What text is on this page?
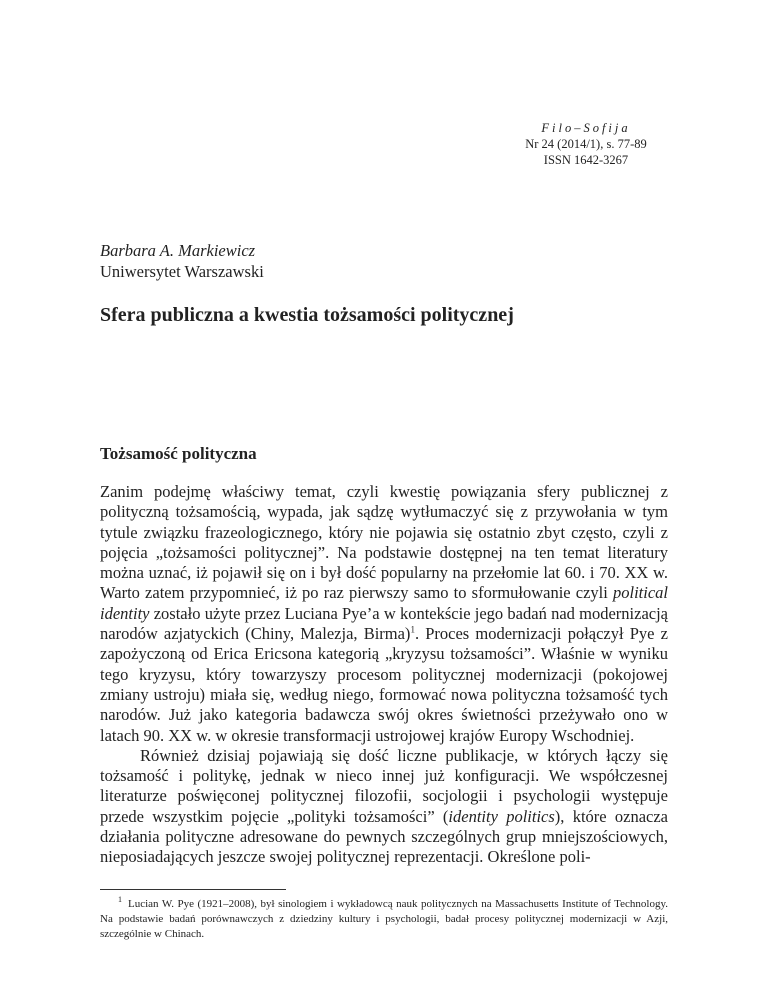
Filo–Sofija
Nr 24 (2014/1), s. 77-89
ISSN 1642-3267
Barbara A. Markiewicz
Uniwersytet Warszawski
Sfera publiczna a kwestia tożsamości politycznej
Tożsamość polityczna

Zanim podejmę właściwy temat, czyli kwestię powiązania sfery publicznej z polityczną tożsamością, wypada, jak sądzę wytłumaczyć się z przywołania w tym tytule związku frazeologicznego, który nie pojawia się ostatnio zbyt często, czyli z pojęcia „tożsamości politycznej”. Na podstawie dostępnej na ten temat literatury można uznać, iż pojawił się on i był dość popularny na przełomie lat 60. i 70. XX w. Warto zatem przypomnieć, iż po raz pierwszy samo to sformułowanie czyli political identity zostało użyte przez Luciana Pye’a w kontekście jego badań nad modernizacją narodów azjatyckich (Chiny, Malezja, Birma)$^1$. Proces modernizacji połączył Pye z zapożyczoną od Erica Ericsona kategorią „kryzysu tożsamości”. Właśnie w wyniku tego kryzysu, który towarzyszy procesom politycznej modernizacji (pokojowej zmiany ustroju) miała się, według niego, formować nowa polityczna tożsamość tych narodów. Już jako kategoria badawcza swój okres świetności przeżywało ono w latach 90. XX w. w okresie transformacji ustrojowej krajów Europy Wschodniej.

Również dzisiaj pojawiają się dość liczne publikacje, w których łączy się tożsamość i politykę, jednak w nieco innej już konfiguracji. We współczesnej literaturze poświęconej politycznej filozofii, socjologii i psychologii występuje przede wszystkim pojęcie „polityki tożsamości” (identity politics), które oznacza działania polityczne adresowane do pewnych szczególnych grup mniejszościowych, nieposiadających jeszcze swojej politycznej reprezentacji. Określone poli-

1 Lucian W. Pye (1921–2008), był sinologiem i wykładowcą nauk politycznych na Massachusetts Institute of Technology. Na podstawie badań porównawczych z dziedziny kultury i psychologii, badał procesy politycznej modernizacji w Azji, szczególnie w Chinach.
